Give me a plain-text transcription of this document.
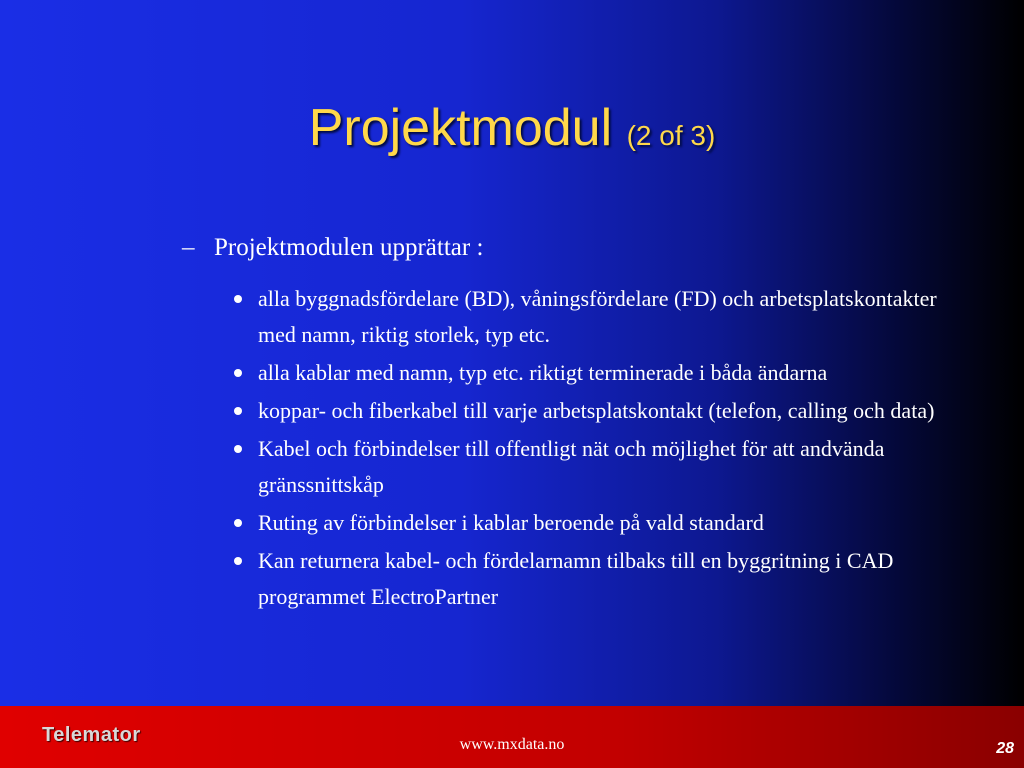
Projektmodul (2 of 3)
– Projektmodulen upprättar :
alla byggnadsfördelare (BD), våningsfördelare (FD) och arbetsplatskontakter med namn, riktig storlek, typ etc.
alla kablar med namn, typ etc. riktigt terminerade i båda ändarna
koppar- och fiberkabel till varje arbetsplatskontakt (telefon, calling och data)
Kabel och förbindelser till offentligt nät och möjlighet för att andvända gränssnittskåp
Ruting av förbindelser i kablar beroende på vald standard
Kan returnera kabel- och fördelarnamn tilbaks till en byggritning i CAD programmet ElectroPartner
Telemator	www.mxdata.no	28
